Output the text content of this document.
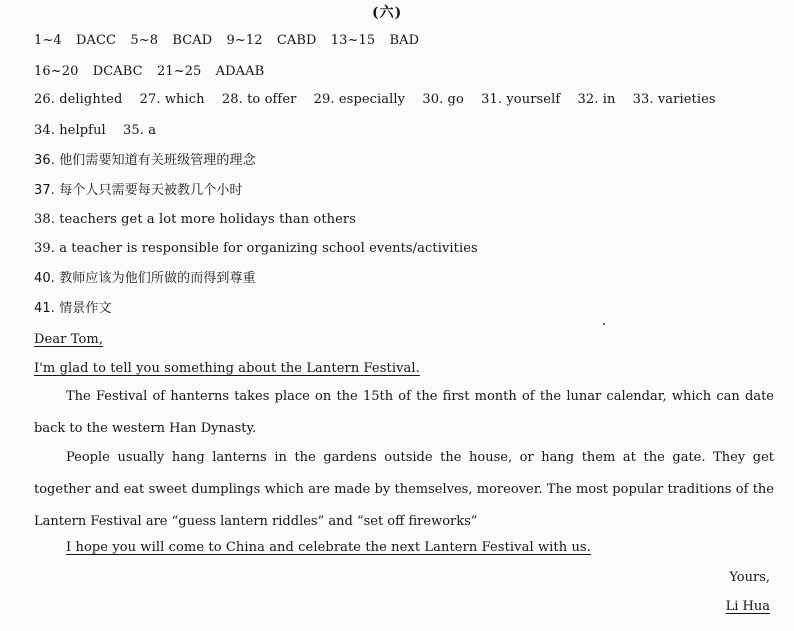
(六)
1~4 DACC 5~8 BCAD 9~12 CABD 13~15 BAD
16~20 DCABC 21~25 ADAAB
26. delighted 27. which 28. to offer 29. especially 30. go 31. yourself 32. in 33. varieties
34. helpful 35. a
36. 他们需要知道有关班级管理的理念
37. 每个人只需要每天被教几个小时
38. teachers get a lot more holidays than others
39. a teacher is responsible for organizing school events/activities
40. 教师应该为他们所做的而得到尊重
41. 情景作文
Dear Tom,
I'm glad to tell you something about the Lantern Festival.
The Festival of hanterns takes place on the 15th of the first month of the lunar calendar, which can date back to the western Han Dynasty.
People usually hang lanterns in the gardens outside the house, or hang them at the gate. They get together and eat sweet dumplings which are made by themselves, moreover. The most popular traditions of the Lantern Festival are “guess lantern riddles” and “set off fireworks”
I hope you will come to China and celebrate the next Lantern Festival with us.
Yours,
Li Hua
